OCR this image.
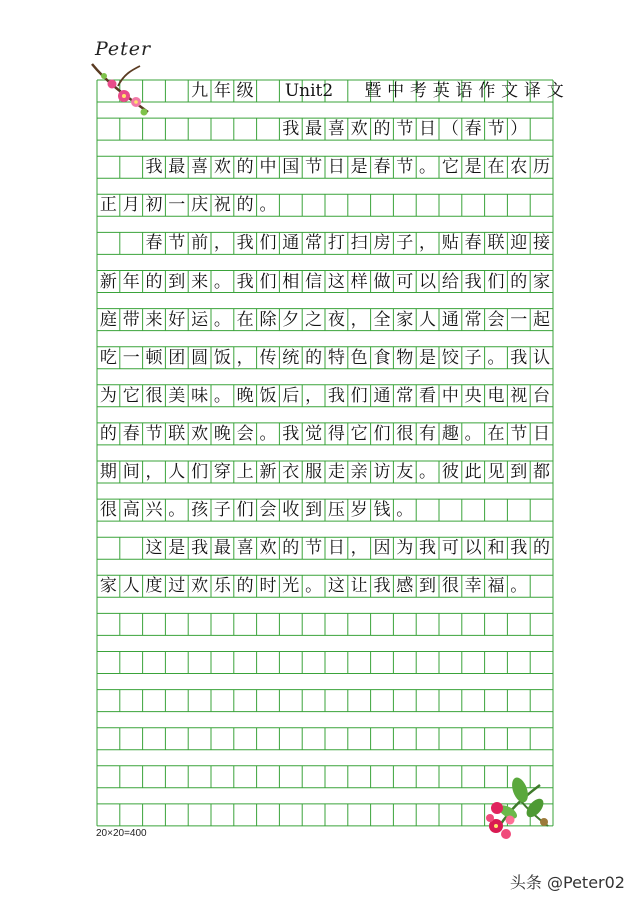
Peter

九 年 级
	Unit2
	暨 中 考 英 语 作 文 译 文

我 最 喜 欢 的 节 日 （ 春 节 ）

我 最 喜 欢 的 中 国 节 日 是 春 节 。 它 是 在 农 历
正 月 初 一 庆 祝 的 。

春 节 前 ， 我 们 通 常 打 扫 房 子 ， 贴 春 联 迎 接
新 年 的 到 来 。 我 们 相 信 这 样 做 可 以 给 我 们 的 家
庭 带 来 好 运 。 在 除 夕 之 夜 ， 全 家 人 通 常 会 一 起
吃 一 顿 团 圆 饭 ， 传 统 的 特 色 食 物 是 饺 子 。 我 认
为 它 很 美 味 。 晚 饭 后 ， 我 们 通 常 看 中 央 电 视 台
的 春 节 联 欢 晚 会 。 我 觉 得 它 们 很 有 趣 。 在 节 日
期 间 ， 人 们 穿 上 新 衣 服 走 亲 访 友 。 彼 此 见 到 都
很 高 兴 。 孩 子 们 会 收 到 压 岁 钱 。

这 是 我 最 喜 欢 的 节 日 ， 因 为 我 可 以 和 我 的
家 人 度 过 欢 乐 的 时 光 。 这 让 我 感 到 很 幸 福 。
20×20=400
头条 @Peter02
